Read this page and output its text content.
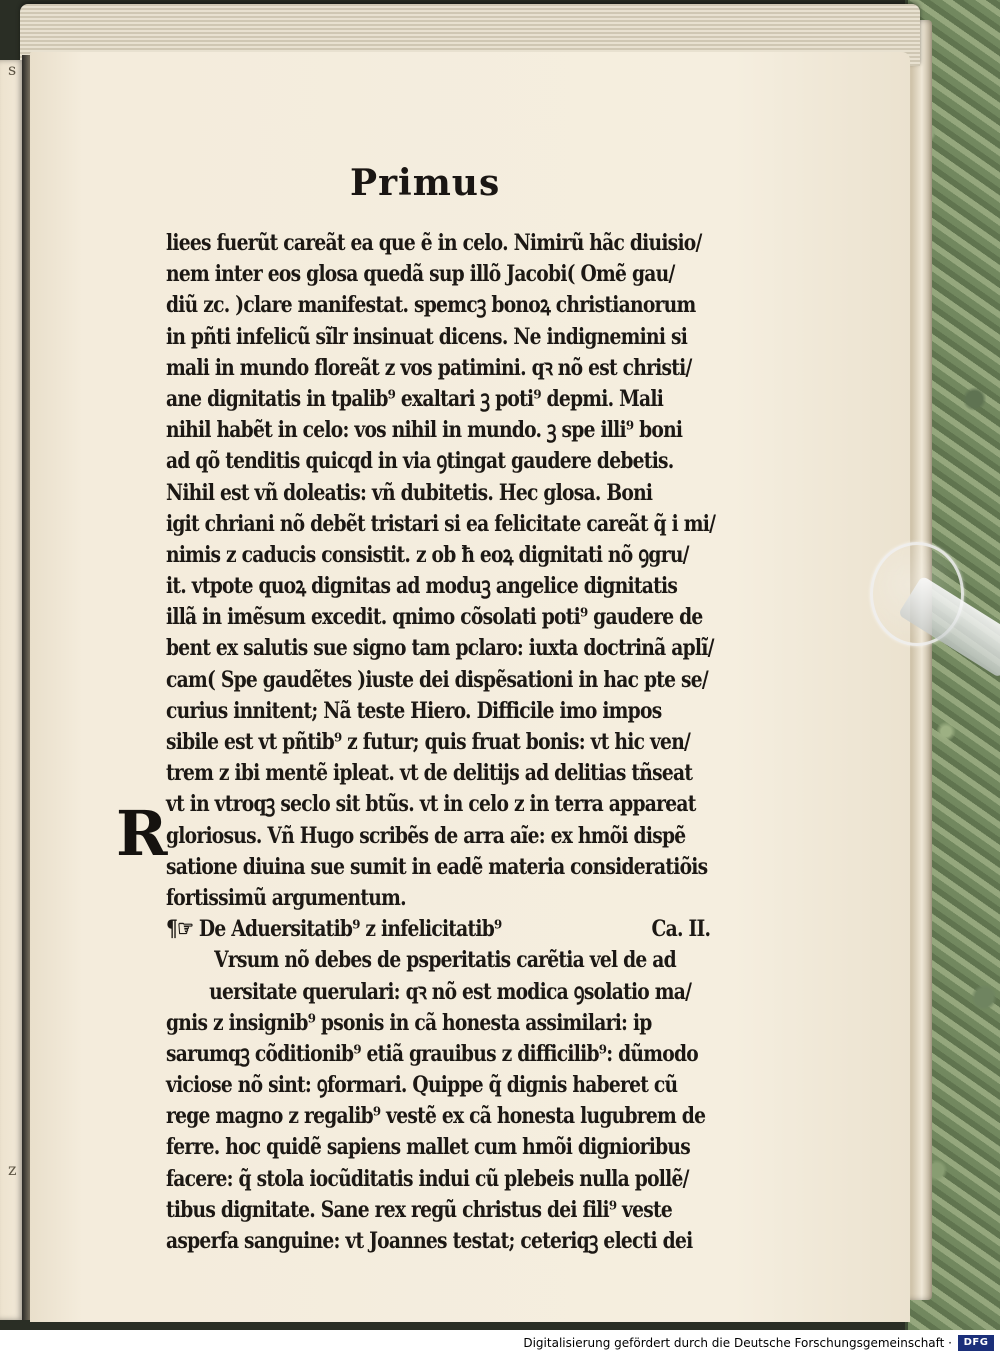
s
z
Primus
liees fuerũt careãt ea que ẽ in celo. Nimirũ hãc diuisio/
nem inter eos glosa quedã sup illõ Jacobi( Omẽ gau/
diũ zc. )clare manifestat. spemcꝫ bonoꝝ christianorum
in pñti infelicũ sĩlr insinuat dicens. Ne indignemini si
mali in mundo floreãt z vos patimini. qꝛ nõ est christi/
ane dignitatis in tpalib⁹ exaltari ꝫ poti⁹ depmi. Mali
nihil habẽt in celo: vos nihil in mundo. ꝫ spe illi⁹ boni
ad qõ tenditis quicqd in via ꝯtingat gaudere debetis.
Nihil est vñ doleatis: vñ dubitetis. Hec glosa. Boni
igit chriani nõ debẽt tristari si ea felicitate careãt q̃ i mi/
nimis z caducis consistit. z ob ħ eoꝝ dignitati nõ ꝯgru/
it. vtpote quoꝝ dignitas ad moduꝫ angelice dignitatis
illã in imẽsum excedit. qnimo cõsolati poti⁹ gaudere de
bent ex salutis sue signo tam pclaro: iuxta doctrinã aplĩ/
cam( Spe gaudẽtes )iuste dei dispẽsationi in hac pte se/
curius innitent; Nã teste Hiero. Difficile imo impos
sibile est vt pñtib⁹ z futur; quis fruat bonis: vt hic ven/
trem z ibi mentẽ ipleat. vt de delitijs ad delitias tñseat
vt in vtroqꝫ seclo sit btũs. vt in celo z in terra appareat
gloriosus. Vñ Hugo scribẽs de arra aĩe: ex hmõi dispẽ
satione diuina sue sumit in eadẽ materia consideratiõis
fortissimũ argumentum.
¶☞ De Aduersitatib⁹ z infelicitatib⁹	Ca. II.
Vrsum nõ debes de psperitatis carẽtia vel de ad
uersitate querulari: qꝛ nõ est modica ꝯsolatio ma/
gnis z insignib⁹ psonis in cã honesta assimilari: ip
sarumqꝫ cõditionib⁹ etiã grauibus z difficilib⁹: dũmodo
viciose nõ sint: ꝯformari. Quippe q̃ dignis haberet cũ
rege magno z regalib⁹ vestẽ ex cã honesta lugubrem de
ferre. hoc quidẽ sapiens mallet cum hmõi dignioribus
facere: q̃ stola iocũditatis indui cũ plebeis nulla pollẽ/
tibus dignitate. Sane rex regũ christus dei fili⁹ veste
asperfa sanguine: vt Joannes testat; ceteriqꝫ electi dei
R
Digitalisierung gefördert durch die Deutsche Forschungsgemeinschaft ·	DFG
